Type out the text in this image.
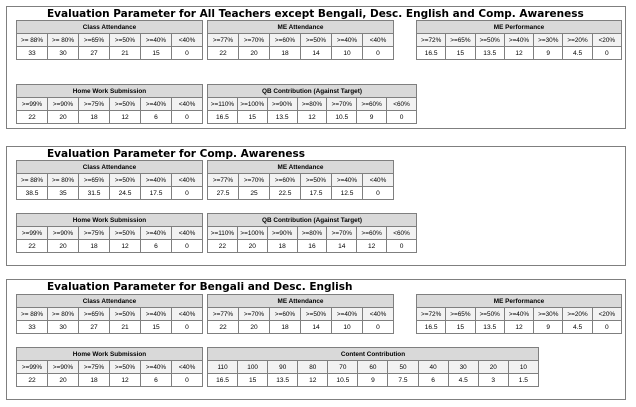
Evaluation Parameter for All Teachers except Bengali, Desc. English and Comp. Awareness
Class Attendance					
>= 88%	>= 80%	>=65%	>=50%	>=40%	<40%
33	30	27	21	15	0
ME Attendance					
>=77%	>=70%	>=60%	>=50%	>=40%	<40%
22	20	18	14	10	0
ME Performance						
>=72%	>=65%	>=50%	>=40%	>=30%	>=20%	<20%
16.5	15	13.5	12	9	4.5	0
Home Work Submission					
>=99%	>=90%	>=75%	>=50%	>=40%	<40%
22	20	18	12	6	0
QB Contribution (Against Target)						
>=110%	>=100%	>=90%	>=80%	>=70%	>=60%	<60%
16.5	15	13.5	12	10.5	9	0
Evaluation Parameter for Comp. Awareness
Class Attendance					
>= 88%	>= 80%	>=65%	>=50%	>=40%	<40%
38.5	35	31.5	24.5	17.5	0
ME Attendance					
>=77%	>=70%	>=60%	>=50%	>=40%	<40%
27.5	25	22.5	17.5	12.5	0
Home Work Submission					
>=99%	>=90%	>=75%	>=50%	>=40%	<40%
22	20	18	12	6	0
QB Contribution (Against Target)						
>=110%	>=100%	>=90%	>=80%	>=70%	>=60%	<60%
22	20	18	16	14	12	0
Evaluation Parameter for Bengali and Desc. English
Class Attendance					
>= 88%	>= 80%	>=65%	>=50%	>=40%	<40%
33	30	27	21	15	0
ME Attendance					
>=77%	>=70%	>=60%	>=50%	>=40%	<40%
22	20	18	14	10	0
ME Performance						
>=72%	>=65%	>=50%	>=40%	>=30%	>=20%	<20%
16.5	15	13.5	12	9	4.5	0
Home Work Submission					
>=99%	>=90%	>=75%	>=50%	>=40%	<40%
22	20	18	12	6	0
Content Contribution										
110	100	90	80	70	60	50	40	30	20	10
16.5	15	13.5	12	10.5	9	7.5	6	4.5	3	1.5
